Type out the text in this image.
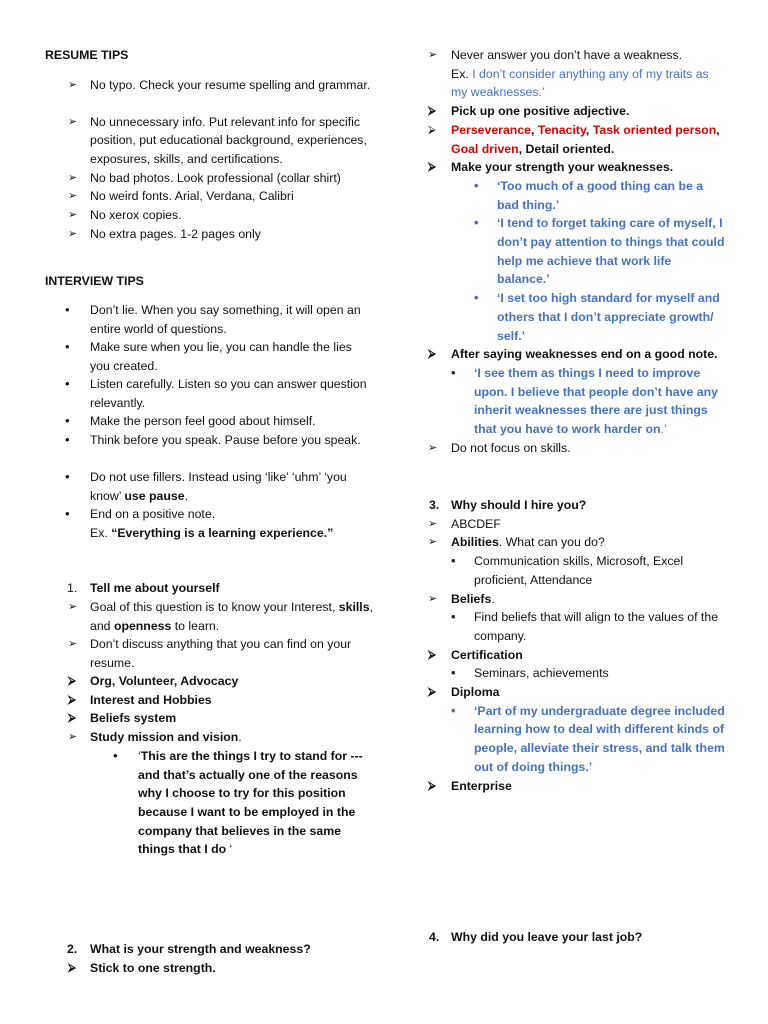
RESUME TIPS

➢ No typo. Check your resume spelling and grammar.
➢ No unnecessary info. Put relevant info for specific position, put educational background, experiences, exposures, skills, and certifications.
➢ No bad photos. Look professional (collar shirt)
➢ No weird fonts. Arial, Verdana, Calibri
➢ No xerox copies.
➢ No extra pages. 1-2 pages only

INTERVIEW TIPS

• Don’t lie. When you say something, it will open an entire world of questions.
• Make sure when you lie, you can handle the lies you created.
• Listen carefully. Listen so you can answer question relevantly.
• Make the person feel good about himself.
• Think before you speak. Pause before you speak.
• Do not use fillers. Instead using ‘like’ ‘uhm’ ‘you know’ use pause.
• End on a positive note.
Ex. “Everything is a learning experience.”
1. Tell me about yourself
➢ Goal of this question is to know your Interest, skills, and openness to learn.
➢ Don’t discuss anything that you can find on your resume.
⮚ Org, Volunteer, Advocacy
⮚ Interest and Hobbies
⮚ Beliefs system
➢ Study mission and vision.
• ‘This are the things I try to stand for --- and that’s actually one of the reasons why I choose to try for this position because I want to be employed in the company that believes in the same things that I do ‘
2. What is your strength and weakness?
⮚ Stick to one strength.
➢ Never answer you don’t have a weakness.
Ex. I don’t consider anything any of my traits as my weaknesses.’
⮚ Pick up one positive adjective.
⮚ Perseverance, Tenacity, Task oriented person, Goal driven, Detail oriented.
⮚ Make your strength your weaknesses.
• ‘Too much of a good thing can be a bad thing.’
• ‘I tend to forget taking care of myself, I don’t pay attention to things that could help me achieve that work life balance.’
• ‘I set too high standard for myself and others that I don’t appreciate growth/ self.’
⮚ After saying weaknesses end on a good note.
• ‘I see them as things I need to improve upon. I believe that people don’t have any inherit weaknesses there are just things that you have to work harder on.’
➢ Do not focus on skills.
3. Why should I hire you?
➢ ABCDEF
➢ Abilities. What can you do?
• Communication skills, Microsoft, Excel proficient, Attendance
➢ Beliefs.
• Find beliefs that will align to the values of the company.
⮚ Certification
• Seminars, achievements
⮚ Diploma
• ‘Part of my undergraduate degree included learning how to deal with different kinds of people, alleviate their stress, and talk them out of doing things.’
⮚ Enterprise
4. Why did you leave your last job?
